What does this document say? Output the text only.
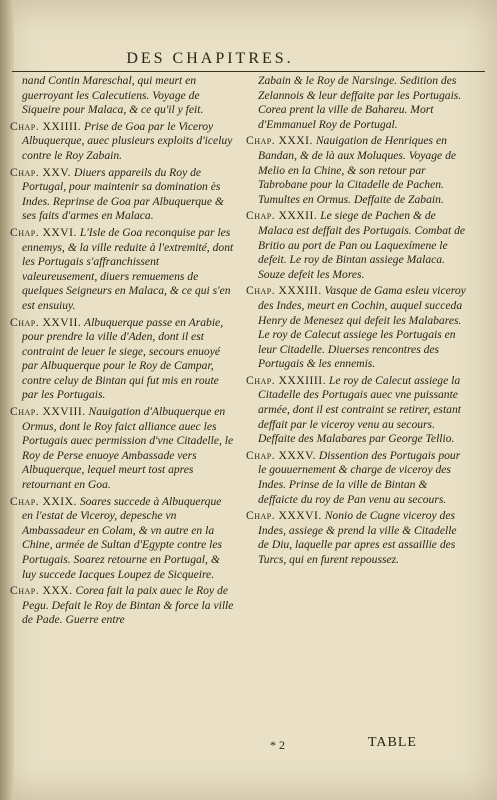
DES CHAPITRES.
nand Contin Mareschal, qui meurt en guerroyant les Calecutiens. Voyage de Siqueire pour Malaca, & ce qu'il y feit.
Chap. XXIIII. Prise de Goa par le Viceroy Albuquerque, auec plusieurs exploits d'iceluy contre le Roy Zabain.
Chap. XXV. Diuers appareils du Roy de Portugal, pour maintenir sa domination ès Indes. Reprinse de Goa par Albuquerque & ses faits d'armes en Malaca.
Chap. XXVI. L'Isle de Goa reconquise par les ennemys, & la ville reduite à l'extremité, dont les Portugais s'affranchissent valeureusement, diuers remuemens de quelques Seigneurs en Malaca, & ce qui s'en est ensuiuy.
Chap. XXVII. Albuquerque passe en Arabie, pour prendre la ville d'Aden, dont il est contraint de leuer le siege, secours enuoyé par Albuquerque pour le Roy de Campar, contre celuy de Bintan qui fut mis en route par les Portugais.
Chap. XXVIII. Nauigation d'Albuquerque en Ormus, dont le Roy faict alliance auec les Portugais auec permission d'vne Citadelle, le Roy de Perse enuoye Ambassade vers Albuquerque, lequel meurt tost apres retournant en Goa.
Chap. XXIX. Soares succede à Albuquerque en l'estat de Viceroy, depesche vn Ambassadeur en Colam, & vn autre en la Chine, armée de Sultan d'Egypte contre les Portugais. Soarez retourne en Portugal, & luy succede Iacques Loupez de Sicqueire.
Chap. XXX. Corea fait la paix auec le Roy de Pegu. Defait le Roy de Bintan & force la ville de Pade. Guerre entre
Zabain & le Roy de Narsinge. Sedition des Zelannois & leur deffaite par les Portugais. Corea prent la ville de Bahareu. Mort d'Emmanuel Roy de Portugal.
Chap. XXXI. Nauigation de Henriques en Bandan, & de là aux Moluques. Voyage de Melio en la Chine, & son retour par Tabrobane pour la Citadelle de Pachen. Tumultes en Ormus. Deffaite de Zabain.
Chap. XXXII. Le siege de Pachen & de Malaca est deffait des Portugais. Combat de Britio au port de Pan ou Laquexímene le defeit. Le roy de Bintan assiege Malaca. Souze defeit les Mores.
Chap. XXXIII. Vasque de Gama esleu viceroy des Indes, meurt en Cochin, auquel succeda Henry de Menesez qui defeit les Malabares. Le roy de Calecut assiege les Portugais en leur Citadelle. Diuerses rencontres des Portugais & les ennemis.
Chap. XXXIIII. Le roy de Calecut assiege la Citadelle des Portugais auec vne puissante armée, dont il est contraint se retirer, estant deffait par le viceroy venu au secours. Deffaite des Malabares par George Tellio.
Chap. XXXV. Dissention des Portugais pour le gouuernement & charge de viceroy des Indes. Prinse de la ville de Bintan & deffaicte du roy de Pan venu au secours.
Chap. XXXVI. Nonio de Cugne viceroy des Indes, assiege & prend la ville & Citadelle de Diu, laquelle par apres est assaillie des Turcs, qui en furent repoussez.
* 2	TABLE
